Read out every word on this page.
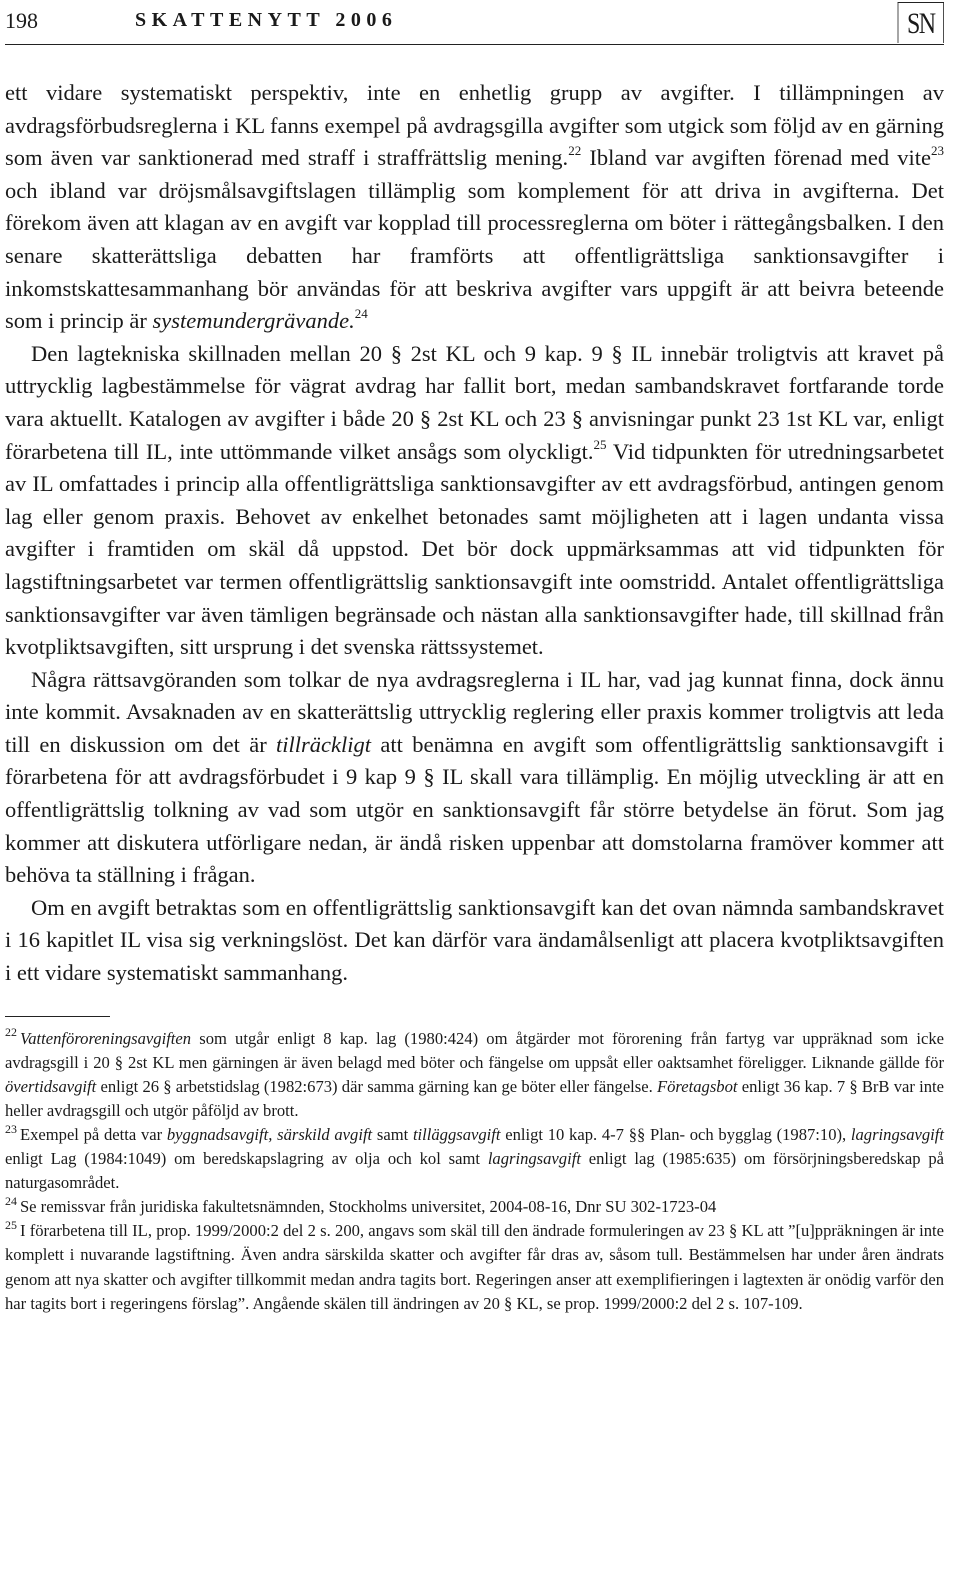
198	SKATTENYTT 2006	SN

ett vidare systematiskt perspektiv, inte en enhetlig grupp av avgifter. I tillämpningen av avdragsförbudsreglerna i KL fanns exempel på avdragsgilla avgifter som utgick som följd av en gärning som även var sanktionerad med straff i straffrättslig mening.$^{22}$ Ibland var avgiften förenad med vite$^{23}$ och ibland var dröjsmålsavgiftslagen tillämplig som komplement för att driva in avgifterna. Det förekom även att klagan av en avgift var kopplad till processreglerna om böter i rättegångsbalken. I den senare skatterättsliga debatten har framförts att offentligrättsliga sanktionsavgifter i inkomstskattesammanhang bör användas för att beskriva avgifter vars uppgift är att beivra beteende som i princip är systemundergrävande.$^{24}$

Den lagtekniska skillnaden mellan 20 § 2st KL och 9 kap. 9 § IL innebär troligtvis att kravet på uttrycklig lagbestämmelse för vägrat avdrag har fallit bort, medan sambandskravet fortfarande torde vara aktuellt. Katalogen av avgifter i både 20 § 2st KL och 23 § anvisningar punkt 23 1st KL var, enligt förarbetena till IL, inte uttömmande vilket ansågs som olyckligt.$^{25}$ Vid tidpunkten för utredningsarbetet av IL omfattades i princip alla offentligrättsliga sanktionsavgifter av ett avdragsförbud, antingen genom lag eller genom praxis. Behovet av enkelhet betonades samt möjligheten att i lagen undanta vissa avgifter i framtiden om skäl då uppstod. Det bör dock uppmärksammas att vid tidpunkten för lagstiftningsarbetet var termen offentligrättslig sanktionsavgift inte oomstridd. Antalet offentligrättsliga sanktionsavgifter var även tämligen begränsade och nästan alla sanktionsavgifter hade, till skillnad från kvotpliktsavgiften, sitt ursprung i det svenska rättssystemet.

Några rättsavgöranden som tolkar de nya avdragsreglerna i IL har, vad jag kunnat finna, dock ännu inte kommit. Avsaknaden av en skatterättslig uttrycklig reglering eller praxis kommer troligtvis att leda till en diskussion om det är tillräckligt att benämna en avgift som offentligrättslig sanktionsavgift i förarbetena för att avdragsförbudet i 9 kap 9 § IL skall vara tillämplig. En möjlig utveckling är att en offentligrättslig tolkning av vad som utgör en sanktionsavgift får större betydelse än förut. Som jag kommer att diskutera utförligare nedan, är ändå risken uppenbar att domstolarna framöver kommer att behöva ta ställning i frågan.

Om en avgift betraktas som en offentligrättslig sanktionsavgift kan det ovan nämnda sambandskravet i 16 kapitlet IL visa sig verkningslöst. Det kan därför vara ändamålsenligt att placera kvotpliktsavgiften i ett vidare systematiskt sammanhang.

$^{22}$ Vattenföroreningsavgiften som utgår enligt 8 kap. lag (1980:424) om åtgärder mot förorening från fartyg var uppräknad som icke avdragsgill i 20 § 2st KL men gärningen är även belagd med böter och fängelse om uppsåt eller oaktsamhet föreligger. Liknande gällde för övertidsavgift enligt 26 § arbetstidslag (1982:673) där samma gärning kan ge böter eller fängelse. Företagsbot enligt 36 kap. 7 § BrB var inte heller avdragsgill och utgör påföljd av brott.

$^{23}$ Exempel på detta var byggnadsavgift, särskild avgift samt tilläggsavgift enligt 10 kap. 4-7 §§ Plan- och bygglag (1987:10), lagringsavgift enligt Lag (1984:1049) om beredskapslagring av olja och kol samt lagringsavgift enligt lag (1985:635) om försörjningsberedskap på naturgasområdet.

$^{24}$ Se remissvar från juridiska fakultetsnämnden, Stockholms universitet, 2004-08-16, Dnr SU 302-1723-04

$^{25}$ I förarbetena till IL, prop. 1999/2000:2 del 2 s. 200, angavs som skäl till den ändrade formuleringen av 23 § KL att ”[u]ppräkningen är inte komplett i nuvarande lagstiftning. Även andra särskilda skatter och avgifter får dras av, såsom tull. Bestämmelsen har under åren ändrats genom att nya skatter och avgifter tillkommit medan andra tagits bort. Regeringen anser att exemplifieringen i lagtexten är onödig varför den har tagits bort i regeringens förslag”. Angående skälen till ändringen av 20 § KL, se prop. 1999/2000:2 del 2 s. 107-109.
